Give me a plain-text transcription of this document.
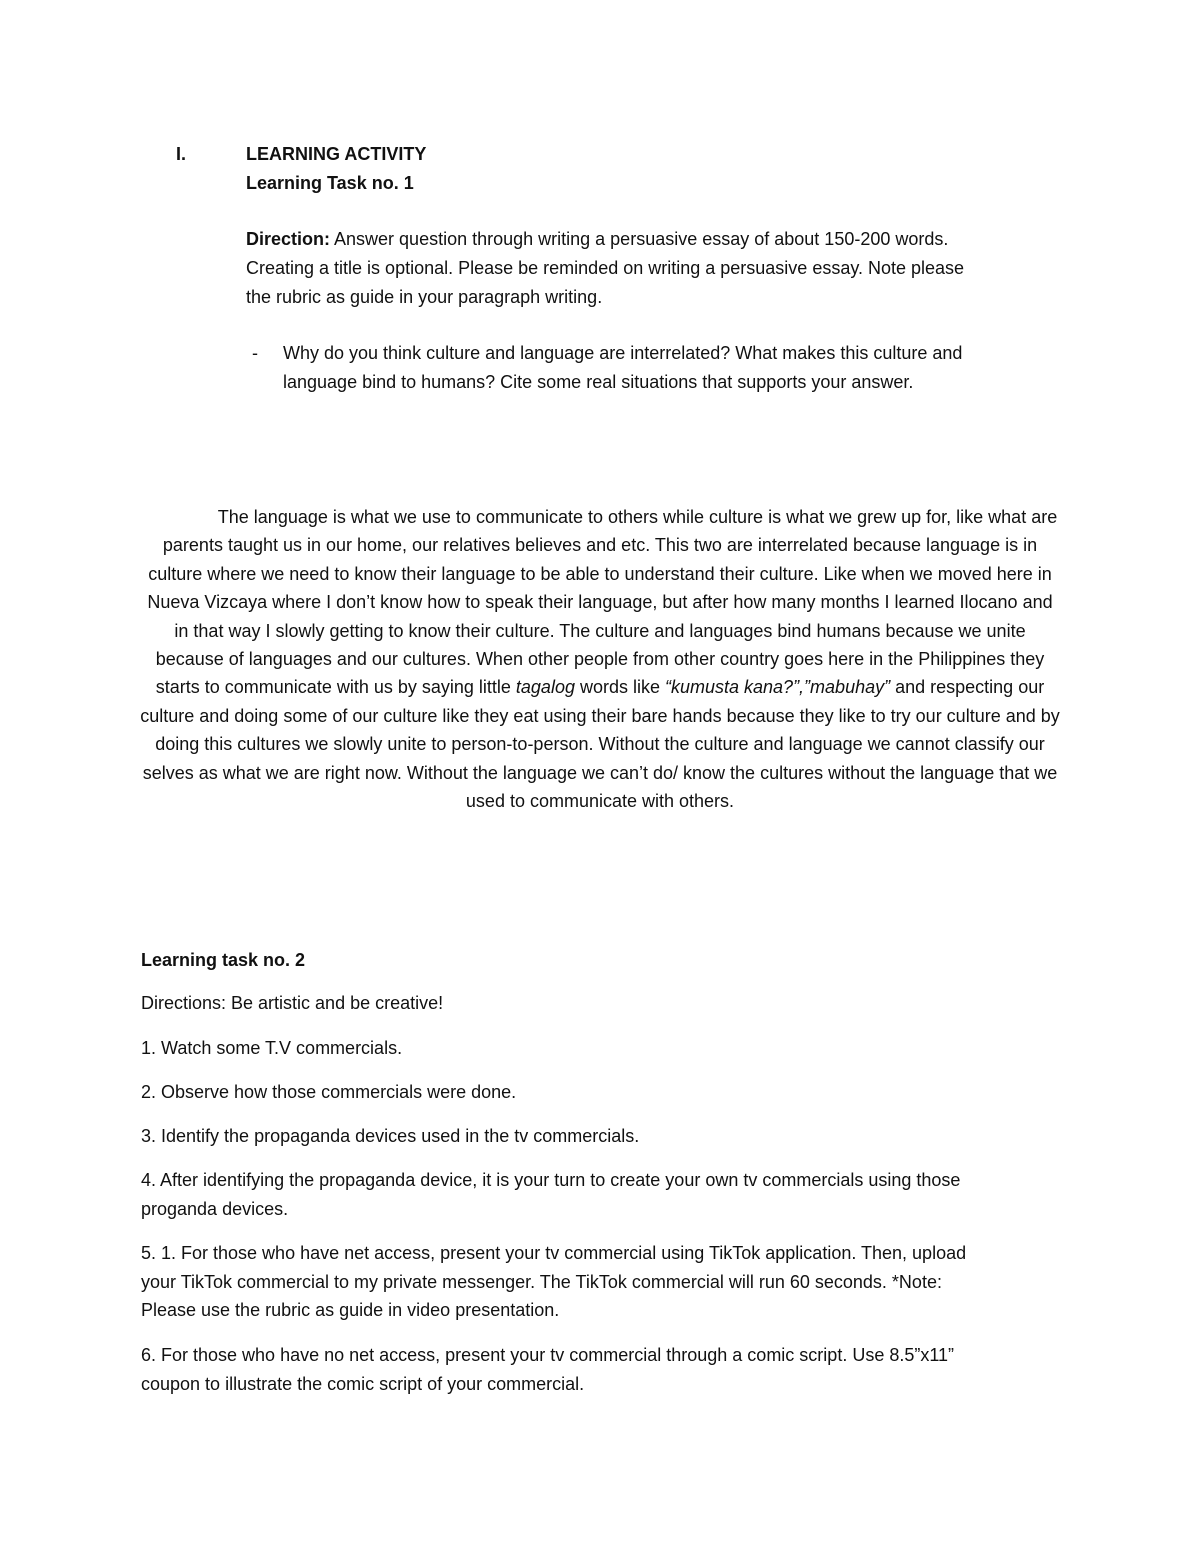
I.	LEARNING ACTIVITY
Learning Task no. 1
Direction: Answer question through writing a persuasive essay of about 150-200 words.
Creating a title is optional. Please be reminded on writing a persuasive essay. Note please
the rubric as guide in your paragraph writing.
- Why do you think culture and language are interrelated? What makes this culture and
language bind to humans? Cite some real situations that supports your answer.
The language is what we use to communicate to others while culture is what we grew up for, like what are parents taught us in our home, our relatives believes and etc. This two are interrelated because language is in culture where we need to know their language to be able to understand their culture. Like when we moved here in Nueva Vizcaya where I don’t know how to speak their language, but after how many months I learned Ilocano and in that way I slowly getting to know their culture. The culture and languages bind humans because we unite because of languages and our cultures. When other people from other country goes here in the Philippines they starts to communicate with us by saying little tagalog words like “kumusta kana?”,”mabuhay” and respecting our culture and doing some of our culture like they eat using their bare hands because they like to try our culture and by doing this cultures we slowly unite to person-to-person. Without the culture and language we cannot classify our selves as what we are right now. Without the language we can’t do/ know the cultures without the language that we used to communicate with others.
Learning task no. 2
Directions: Be artistic and be creative!
1. Watch some T.V commercials.
2. Observe how those commercials were done.
3. Identify the propaganda devices used in the tv commercials.
4. After identifying the propaganda device, it is your turn to create your own tv commercials using those
proganda devices.
5. 1. For those who have net access, present your tv commercial using TikTok application. Then, upload
your TikTok commercial to my private messenger. The TikTok commercial will run 60 seconds. *Note:
Please use the rubric as guide in video presentation.
6. For those who have no net access, present your tv commercial through a comic script. Use 8.5”x11”
coupon to illustrate the comic script of your commercial.
